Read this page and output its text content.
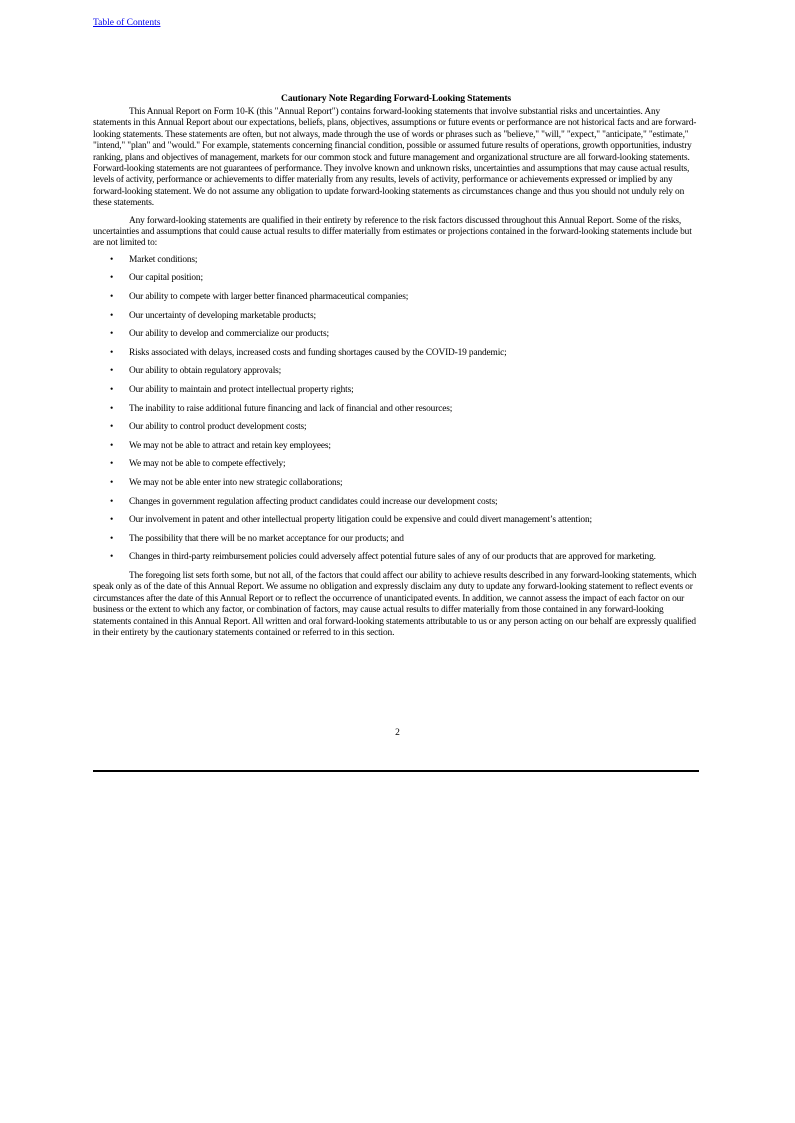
Table of Contents
Cautionary Note Regarding Forward-Looking Statements

This Annual Report on Form 10-K (this "Annual Report") contains forward-looking statements that involve substantial risks and uncertainties. Any statements in this Annual Report about our expectations, beliefs, plans, objectives, assumptions or future events or performance are not historical facts and are forward-looking statements. These statements are often, but not always, made through the use of words or phrases such as "believe," "will," "expect," "anticipate," "estimate," "intend," "plan" and "would." For example, statements concerning financial condition, possible or assumed future results of operations, growth opportunities, industry ranking, plans and objectives of management, markets for our common stock and future management and organizational structure are all forward-looking statements. Forward-looking statements are not guarantees of performance. They involve known and unknown risks, uncertainties and assumptions that may cause actual results, levels of activity, performance or achievements to differ materially from any results, levels of activity, performance or achievements expressed or implied by any forward-looking statement. We do not assume any obligation to update forward-looking statements as circumstances change and thus you should not unduly rely on these statements.

Any forward-looking statements are qualified in their entirety by reference to the risk factors discussed throughout this Annual Report. Some of the risks, uncertainties and assumptions that could cause actual results to differ materially from estimates or projections contained in the forward-looking statements include but are not limited to:

• Market conditions;
• Our capital position;
• Our ability to compete with larger better financed pharmaceutical companies;
• Our uncertainty of developing marketable products;
• Our ability to develop and commercialize our products;
• Risks associated with delays, increased costs and funding shortages caused by the COVID-19 pandemic;
• Our ability to obtain regulatory approvals;
• Our ability to maintain and protect intellectual property rights;
• The inability to raise additional future financing and lack of financial and other resources;
• Our ability to control product development costs;
• We may not be able to attract and retain key employees;
• We may not be able to compete effectively;
• We may not be able enter into new strategic collaborations;
• Changes in government regulation affecting product candidates could increase our development costs;
• Our involvement in patent and other intellectual property litigation could be expensive and could divert management’s attention;
• The possibility that there will be no market acceptance for our products; and
• Changes in third-party reimbursement policies could adversely affect potential future sales of any of our products that are approved for marketing.

The foregoing list sets forth some, but not all, of the factors that could affect our ability to achieve results described in any forward-looking statements, which speak only as of the date of this Annual Report. We assume no obligation and expressly disclaim any duty to update any forward-looking statement to reflect events or circumstances after the date of this Annual Report or to reflect the occurrence of unanticipated events. In addition, we cannot assess the impact of each factor on our business or the extent to which any factor, or combination of factors, may cause actual results to differ materially from those contained in any forward-looking statements contained in this Annual Report. All written and oral forward-looking statements attributable to us or any person acting on our behalf are expressly qualified in their entirety by the cautionary statements contained or referred to in this section.

2
